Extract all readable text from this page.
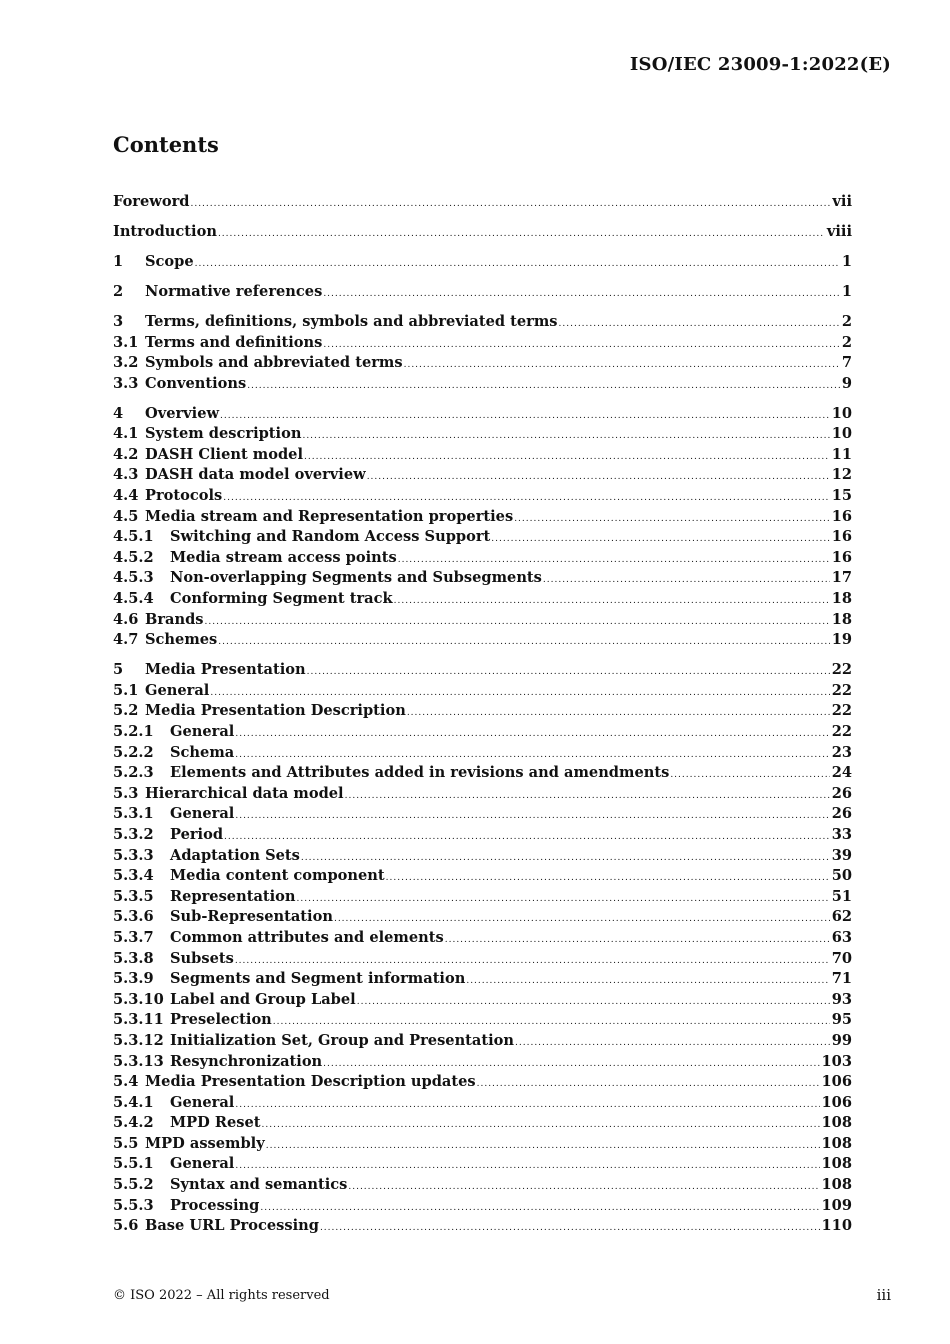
ISO/IEC 23009-1:2022(E)
Contents
Foreword .....	vii
Introduction .....	viii
1	Scope .....	1
2	Normative references .....	1
3	Terms, definitions, symbols and abbreviated terms .....	2
3.1 Terms and definitions .....	2
3.2 Symbols and abbreviated terms .....	7
3.3 Conventions .....	9
4	Overview .....	10
4.1 System description .....	10
4.2 DASH Client model .....	11
4.3 DASH data model overview .....	12
4.4 Protocols .....	15
4.5 Media stream and Representation properties .....	16
4.5.1	Switching and Random Access Support .....	16
4.5.2	Media stream access points .....	16
4.5.3	Non-overlapping Segments and Subsegments .....	17
4.5.4	Conforming Segment track .....	18
4.6 Brands .....	18
4.7 Schemes .....	19
5	Media Presentation .....	22
5.1 General .....	22
5.2 Media Presentation Description .....	22
5.2.1	General .....	22
5.2.2	Schema .....	23
5.2.3	Elements and Attributes added in revisions and amendments .....	24
5.3 Hierarchical data model .....	26
5.3.1	General .....	26
5.3.2	Period .....	33
5.3.3	Adaptation Sets .....	39
5.3.4	Media content component .....	50
5.3.5	Representation .....	51
5.3.6	Sub-Representation .....	62
5.3.7	Common attributes and elements .....	63
5.3.8	Subsets .....	70
5.3.9	Segments and Segment information .....	71
5.3.10 Label and Group Label .....	93
5.3.11 Preselection .....	95
5.3.12 Initialization Set, Group and Presentation .....	99
5.3.13 Resynchronization .....	103
5.4 Media Presentation Description updates .....	106
5.4.1	General .....	106
5.4.2	MPD Reset .....	108
5.5 MPD assembly .....	108
5.5.1	General .....	108
5.5.2	Syntax and semantics .....	108
5.5.3	Processing .....	109
5.6 Base URL Processing .....	110
© ISO 2022 – All rights reserved	iii
